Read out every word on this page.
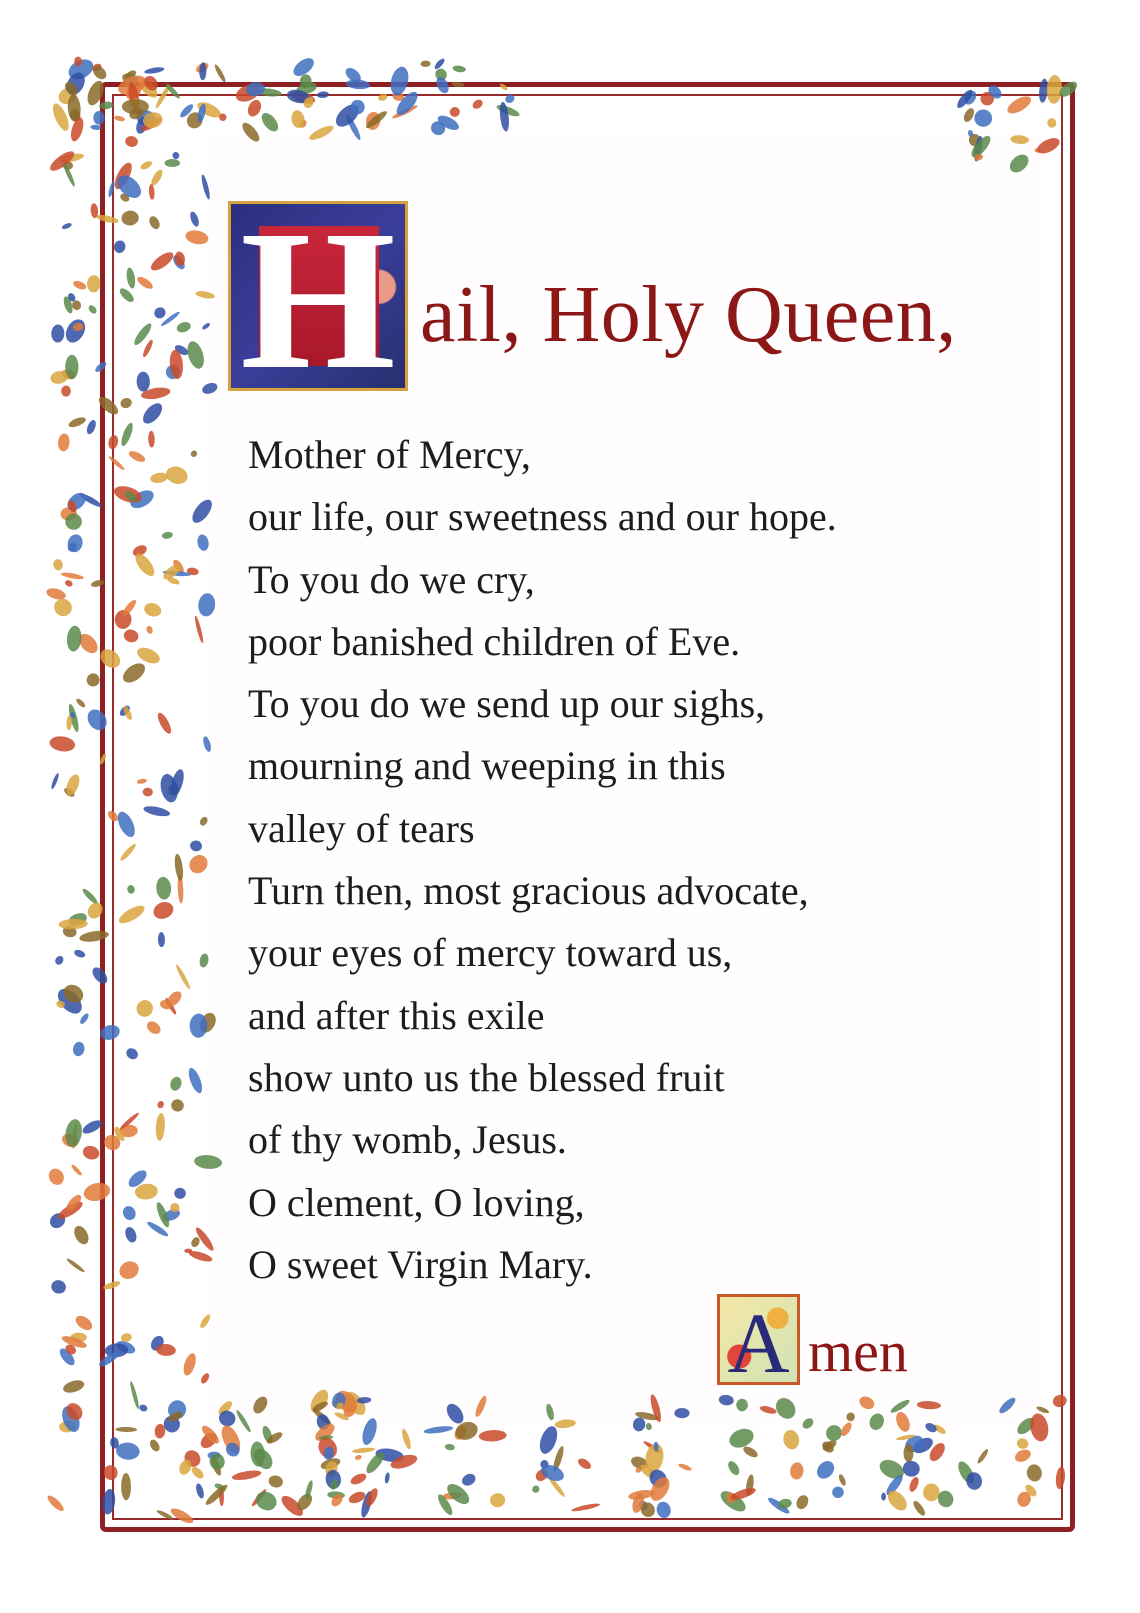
H ail, Holy Queen,
Mother of Mercy,
our life, our sweetness and our hope.
To you do we cry,
poor banished children of Eve.
To you do we send up our sighs,
mourning and weeping in this
valley of tears
Turn then, most gracious advocate,
your eyes of mercy toward us,
and after this exile
show unto us the blessed fruit
of thy womb, Jesus.
O clement, O loving,
O sweet Virgin Mary.
A men
